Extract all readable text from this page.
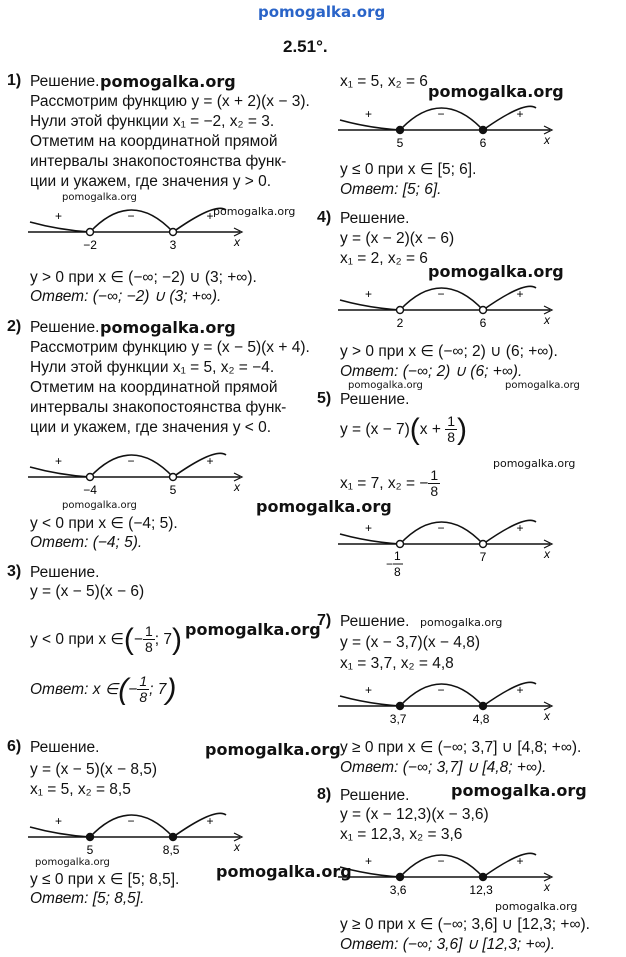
pomogalka.org
2.51°.
1) Решение. pomogalka.org
Рассмотрим функцию y = (x + 2)(x − 3).
Нули этой функции x₁ = −2, x₂ = 3.
Отметим на координатной прямой
интервалы знакопостоянства функ-
ции и укажем, где значения y > 0.
pomogalka.org
pomogalka.org
+	−	+
−2	3	x
y > 0 при x ∈ (−∞; −2) ∪ (3; +∞).
Ответ: (−∞; −2) ∪ (3; +∞).
2) Решение. pomogalka.org
Рассмотрим функцию y = (x − 5)(x + 4).
Нули этой функции x₁ = 5, x₂ = −4.
Отметим на координатной прямой
интервалы знакопостоянства функ-
ции и укажем, где значения y < 0.
+	−	+
−4	5	x
pomogalka.org
y < 0 при x ∈ (−4; 5).
Ответ: (−4; 5).
3) Решение.
y = (x − 5)(x − 6)
y < 0 при x ∈(− $\frac{1}{8}$ ; 7) pomogalka.org
Ответ: x ∈(− $\frac{1}{8}$ ; 7)
6) Решение.	pomogalka.org
y = (x − 5)(x − 8,5)
x₁ = 5, x₂ = 8,5
+	−	+
5	8,5	x
pomogalka.org	pomogalka.org
y ≤ 0 при x ∈ [5; 8,5].
Ответ: [5; 8,5].
x₁ = 5, x₂ = 6
pomogalka.org
+	−	+
5	6	x
y ≤ 0 при x ∈ [5; 6].
Ответ: [5; 6].
4) Решение.
y = (x − 2)(x − 6)
x₁ = 2, x₂ = 6
pomogalka.org
+	−	+
2	6	x
y > 0 при x ∈ (−∞; 2) ∪ (6; +∞).
Ответ: (−∞; 2) ∪ (6; +∞).
pomogalka.org	pomogalka.org
5) Решение.
$y = (x - 7)(x + \frac{1}{8}$ )
pomogalka.org
x₁ = 7, x₂ = − $\frac{1}{8}$
pomogalka.org
+	−	+
−
1
8
7	x
7) Решение. pomogalka.org
y = (x − 3,7)(x − 4,8)
x₁ = 3,7, x₂ = 4,8
+	−	+
3,7	4,8	x
y ≥ 0 при x ∈ (−∞; 3,7] ∪ [4,8; +∞).
Ответ: (−∞; 3,7] ∪ [4,8; +∞).
pomogalka.org
8) Решение.
y = (x − 12,3)(x − 3,6)
x₁ = 12,3, x₂ = 3,6
+	−	+
3,6	12,3	x
pomogalka.org
y ≥ 0 при x ∈ (−∞; 3,6] ∪ [12,3; +∞).
Ответ: (−∞; 3,6] ∪ [12,3; +∞).
